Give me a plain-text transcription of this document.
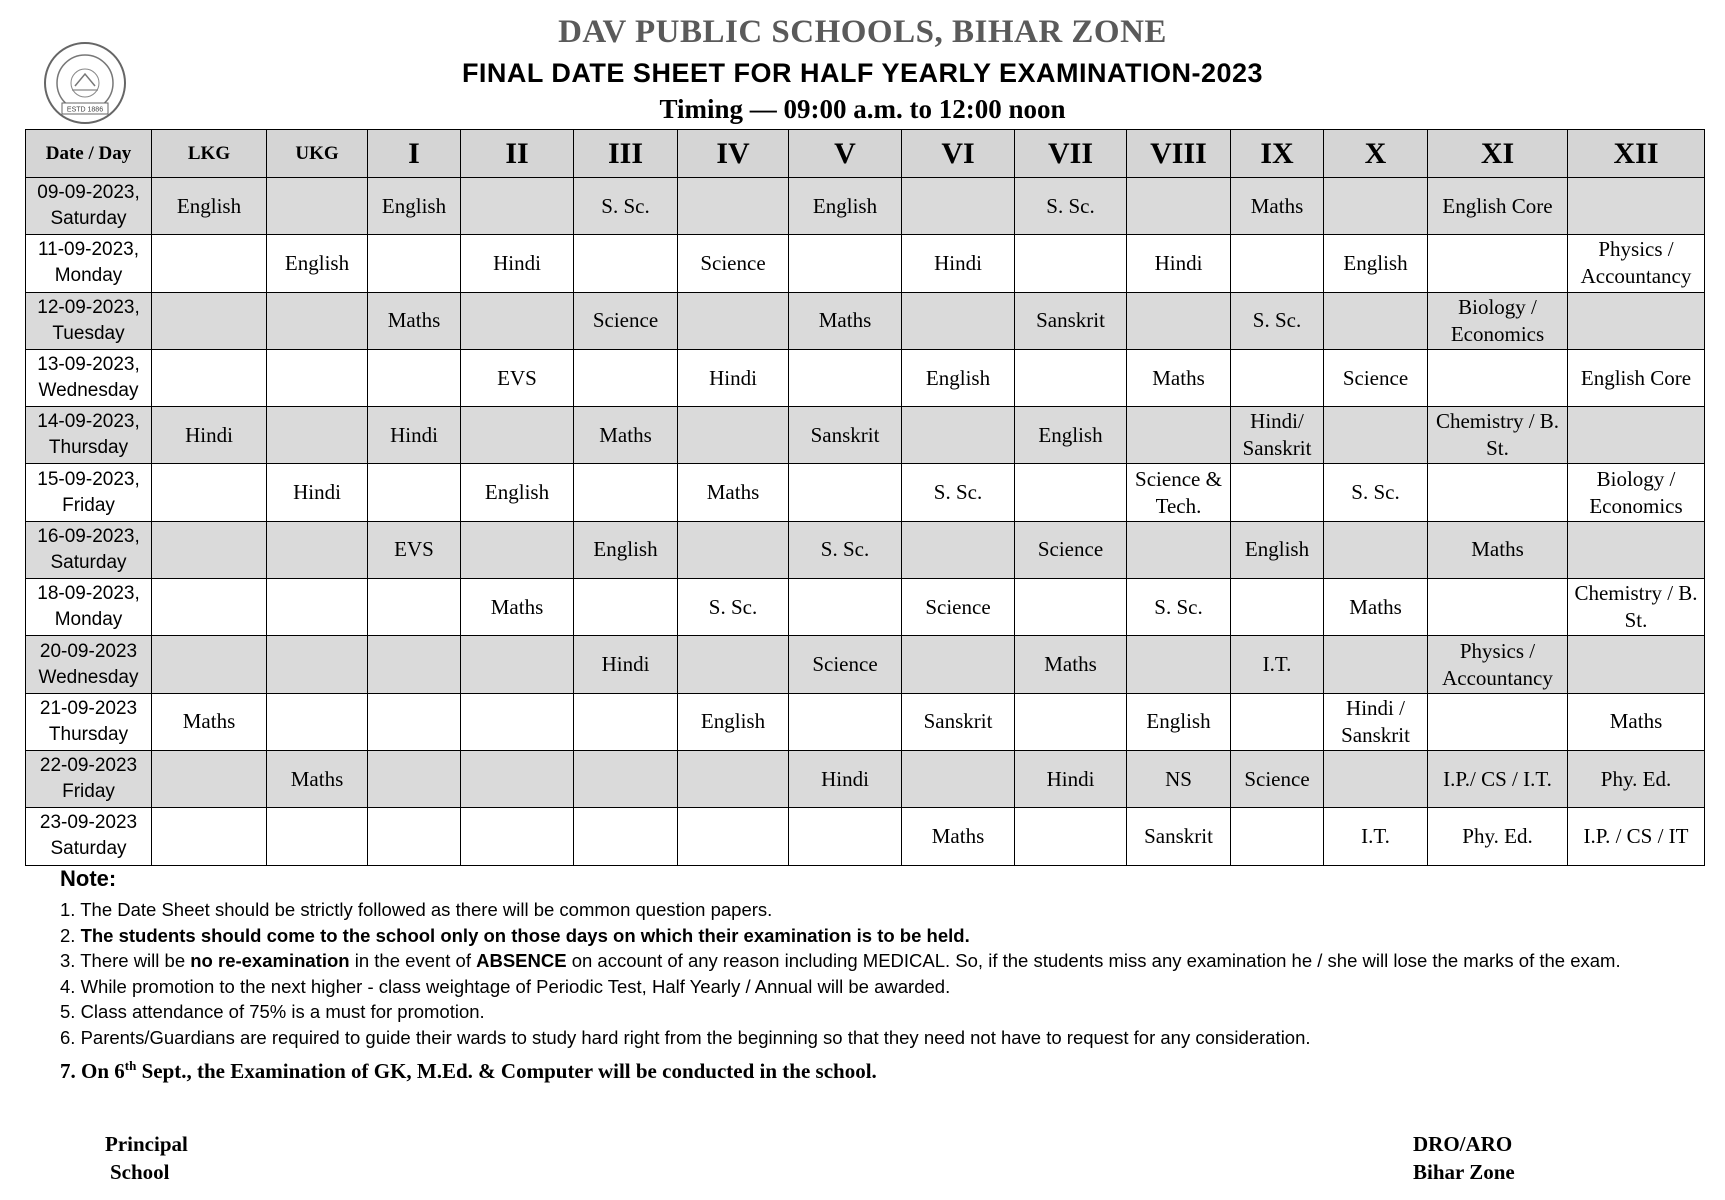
ESTD 1886
DAV PUBLIC SCHOOLS, BIHAR ZONE
FINAL DATE SHEET FOR HALF YEARLY EXAMINATION-2023
Timing — 09:00 a.m. to 12:00 noon
Date / Day	LKG	UKG	I	II	III	IV	V	VI	VII	VIII	IX	X	XI	XII

09-09-2023,
Saturday	English		English		S. Sc.		English		S. Sc.		Maths		English Core	

11-09-2023,
Monday		English		Hindi		Science		Hindi		Hindi		English		Physics / Accountancy

12-09-2023,
Tuesday			Maths		Science		Maths		Sanskrit		S. Sc.		Biology / Economics	

13-09-2023,
Wednesday				EVS		Hindi		English		Maths		Science		English Core

14-09-2023,
Thursday	Hindi		Hindi		Maths		Sanskrit		English		Hindi/ Sanskrit		Chemistry / B. St.	

15-09-2023,
Friday		Hindi		English		Maths		S. Sc.		Science & Tech.		S. Sc.		Biology / Economics

16-09-2023,
Saturday			EVS		English		S. Sc.		Science		English		Maths	

18-09-2023,
Monday				Maths		S. Sc.		Science		S. Sc.		Maths		Chemistry / B. St.

20-09-2023
Wednesday					Hindi		Science		Maths		I.T.		Physics / Accountancy	

21-09-2023
Thursday	Maths					English		Sanskrit		English		Hindi / Sanskrit		Maths

22-09-2023
Friday		Maths					Hindi		Hindi	NS	Science		I.P./ CS / I.T.	Phy. Ed.

23-09-2023
Saturday								Maths		Sanskrit		I.T.	Phy. Ed.	I.P. / CS / IT
Note:
1. The Date Sheet should be strictly followed as there will be common question papers.
2. The students should come to the school only on those days on which their examination is to be held.
3. There will be no re-examination in the event of ABSENCE on account of any reason including MEDICAL. So, if the students miss any examination he / she will lose the marks of the exam.
4. While promotion to the next higher - class weightage of Periodic Test, Half Yearly / Annual will be awarded.
5. Class attendance of 75% is a must for promotion.
6. Parents/Guardians are required to guide their wards to study hard right from the beginning so that they need not have to request for any consideration.
7. On 6th Sept., the Examination of GK, M.Ed. & Computer will be conducted in the school.
Principal
School
DRO/ARO
Bihar Zone
